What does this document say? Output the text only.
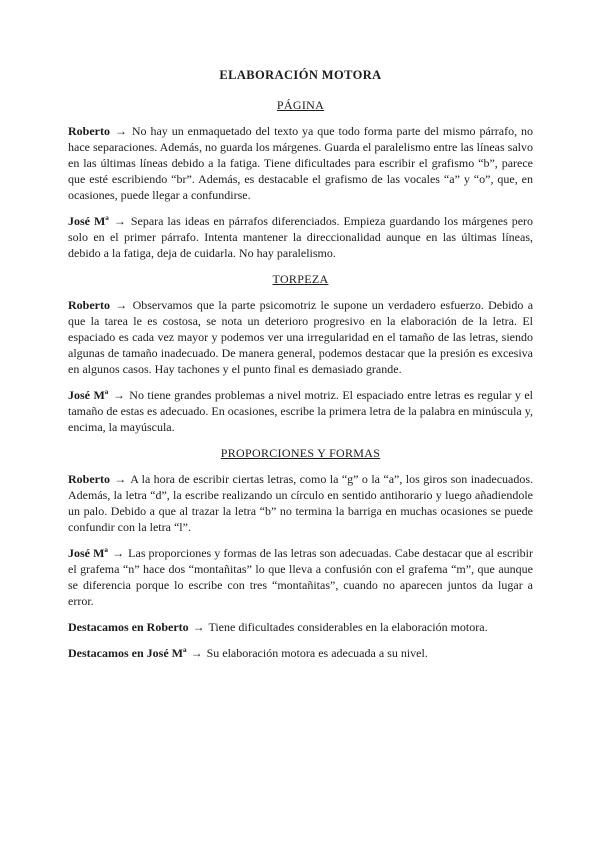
ELABORACIÓN MOTORA
PÁGINA

Roberto → No hay un enmaquetado del texto ya que todo forma parte del mismo párrafo, no hace separaciones. Además, no guarda los márgenes. Guarda el paralelismo entre las líneas salvo en las últimas líneas debido a la fatiga. Tiene dificultades para escribir el grafismo “b”, parece que esté escribiendo “br”. Además, es destacable el grafismo de las vocales “a” y “o”, que, en ocasiones, puede llegar a confundirse.

José Mª → Separa las ideas en párrafos diferenciados. Empieza guardando los márgenes pero solo en el primer párrafo. Intenta mantener la direccionalidad aunque en las últimas líneas, debido a la fatiga, deja de cuidarla. No hay paralelismo.

TORPEZA

Roberto → Observamos que la parte psicomotriz le supone un verdadero esfuerzo. Debido a que la tarea le es costosa, se nota un deterioro progresivo en la elaboración de la letra. El espaciado es cada vez mayor y podemos ver una irregularidad en el tamaño de las letras, siendo algunas de tamaño inadecuado. De manera general, podemos destacar que la presión es excesiva en algunos casos. Hay tachones y el punto final es demasiado grande.

José Mª → No tiene grandes problemas a nivel motriz. El espaciado entre letras es regular y el tamaño de estas es adecuado. En ocasiones, escribe la primera letra de la palabra en minúscula y, encima, la mayúscula.

PROPORCIONES Y FORMAS

Roberto → A la hora de escribir ciertas letras, como la “g” o la “a”, los giros son inadecuados. Además, la letra “d”, la escribe realizando un círculo en sentido antihorario y luego añadiendole un palo. Debido a que al trazar la letra “b” no termina la barriga en muchas ocasiones se puede confundir con la letra “l”.

José Mª → Las proporciones y formas de las letras son adecuadas. Cabe destacar que al escribir el grafema “n” hace dos “montañitas” lo que lleva a confusión con el grafema “m”, que aunque se diferencia porque lo escribe con tres “montañitas”, cuando no aparecen juntos da lugar a error.

Destacamos en Roberto → Tiene dificultades considerables en la elaboración motora.

Destacamos en José Mª → Su elaboración motora es adecuada a su nivel.
